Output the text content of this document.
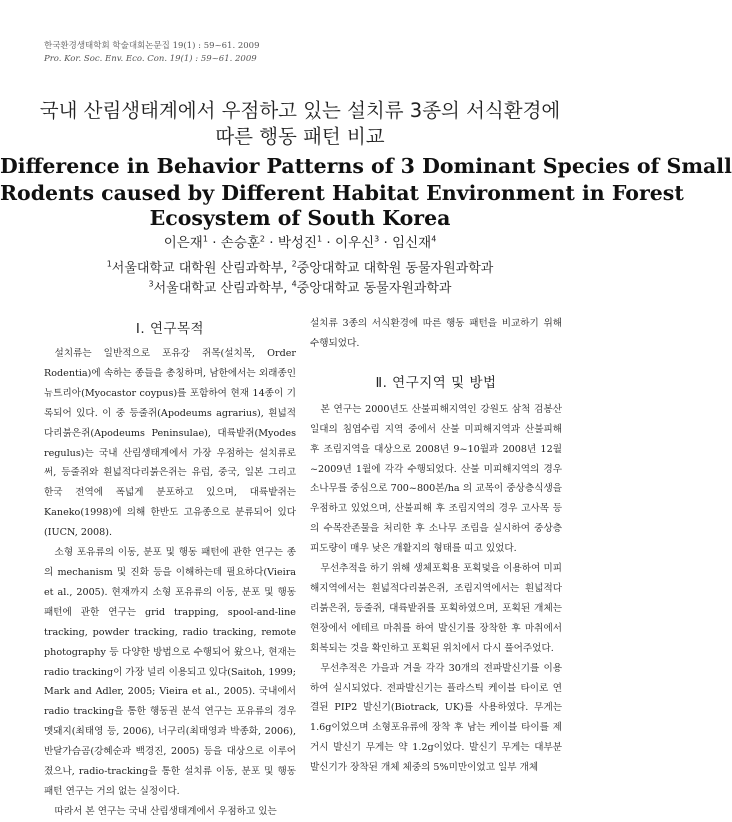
한국환경생태학회 학술대회논문집 19(1) : 59~61. 2009
Pro. Kor. Soc. Env. Eco. Con. 19(1) : 59~61. 2009
국내 산림생태계에서 우점하고 있는 설치류 3종의 서식환경에
따른 행동 패턴 비교
Difference in Behavior Patterns of 3 Dominant Species of Small
Rodents caused by Different Habitat Environment in Forest
Ecosystem of South Korea
이은재$^1$ · 손승훈$^2$ · 박성진$^1$ · 이우신$^3$ · 임신재$^4$
$^1$서울대학교 대학원 산림과학부, $^2$중앙대학교 대학원 동물자원과학과
$^3$서울대학교 산림과학부, $^4$중앙대학교 동물자원과학과
Ⅰ. 연구목적

설치류는 일반적으로 포유강 쥐목(설치목, Order Rodentia)에 속하는 종들을 총칭하며, 남한에서는 외래종인 뉴트리아(Myocastor coypus)를 포함하여 현재 14종이 기록되어 있다. 이 중 등줄쥐(Apodeums agrarius), 흰넓적다리붉은쥐(Apodeums Peninsulae), 대륙밭쥐(Myodes regulus)는 국내 산림생태계에서 가장 우점하는 설치류로써, 등줄쥐와 흰넓적다리붉은쥐는 유럽, 중국, 일본 그리고 한국 전역에 폭넓게 분포하고 있으며, 대륙밭쥐는 Kaneko(1998)에 의해 한반도 고유종으로 분류되어 있다(IUCN, 2008).

소형 포유류의 이동, 분포 및 행동 패턴에 관한 연구는 종의 mechanism 및 진화 등을 이해하는데 필요하다(Vieira et al., 2005). 현재까지 소형 포유류의 이동, 분포 및 행동 패턴에 관한 연구는 grid trapping, spool-and-line tracking, powder tracking, radio tracking, remote photography 등 다양한 방법으로 수행되어 왔으나, 현재는 radio tracking이 가장 널리 이용되고 있다(Saitoh, 1999; Mark and Adler, 2005; Vieira et al., 2005). 국내에서 radio tracking을 통한 행동권 분석 연구는 포유류의 경우 멧돼지(최태영 등, 2006), 너구리(최태영과 박종화, 2006), 반달가슴곰(강혜순과 백경진, 2005) 등을 대상으로 이루어졌으나, radio-tracking을 통한 설치류 이동, 분포 및 행동 패턴 연구는 거의 없는 실정이다.

따라서 본 연구는 국내 산림생태계에서 우점하고 있는

설치류 3종의 서식환경에 따른 행동 패턴을 비교하기 위해 수행되었다.

Ⅱ. 연구지역 및 방법

본 연구는 2000년도 산불피해지역인 강원도 삼척 검봉산 일대의 침엽수림 지역 중에서 산불 미피해지역과 산불피해 후 조림지역을 대상으로 2008년 9~10월과 2008년 12월~2009년 1월에 각각 수행되었다. 산불 미피해지역의 경우 소나무를 중심으로 700~800본/ha 의 교목이 중상층식생을 우점하고 있었으며, 산불피해 후 조림지역의 경우 고사목 등의 수목잔존물을 처리한 후 소나무 조림을 실시하여 중상층 피도량이 매우 낮은 개활지의 형태를 띠고 있었다.

무선추적을 하기 위해 생체포획용 포획덫을 이용하여 미피해지역에서는 흰넓적다리붉은쥐, 조림지역에서는 흰넓적다리붉은쥐, 등줄쥐, 대륙밭쥐를 포획하였으며, 포획된 개체는 현장에서 에테르 마취를 하여 발신기를 장착한 후 마취에서 회복되는 것을 확인하고 포획된 위치에서 다시 풀어주었다.

무선추적은 가을과 겨울 각각 30개의 전파발신기를 이용하여 실시되었다. 전파발신기는 플라스틱 케이블 타이로 연결된 PIP2 발신기(Biotrack, UK)를 사용하였다. 무게는 1.6g이었으며 소형포유류에 장착 후 남는 케이블 타이를 제거시 발신기 무게는 약 1.2g이었다. 발신기 무게는 대부분 발신기가 장착된 개체 체중의 5%미만이었고 일부 개체
